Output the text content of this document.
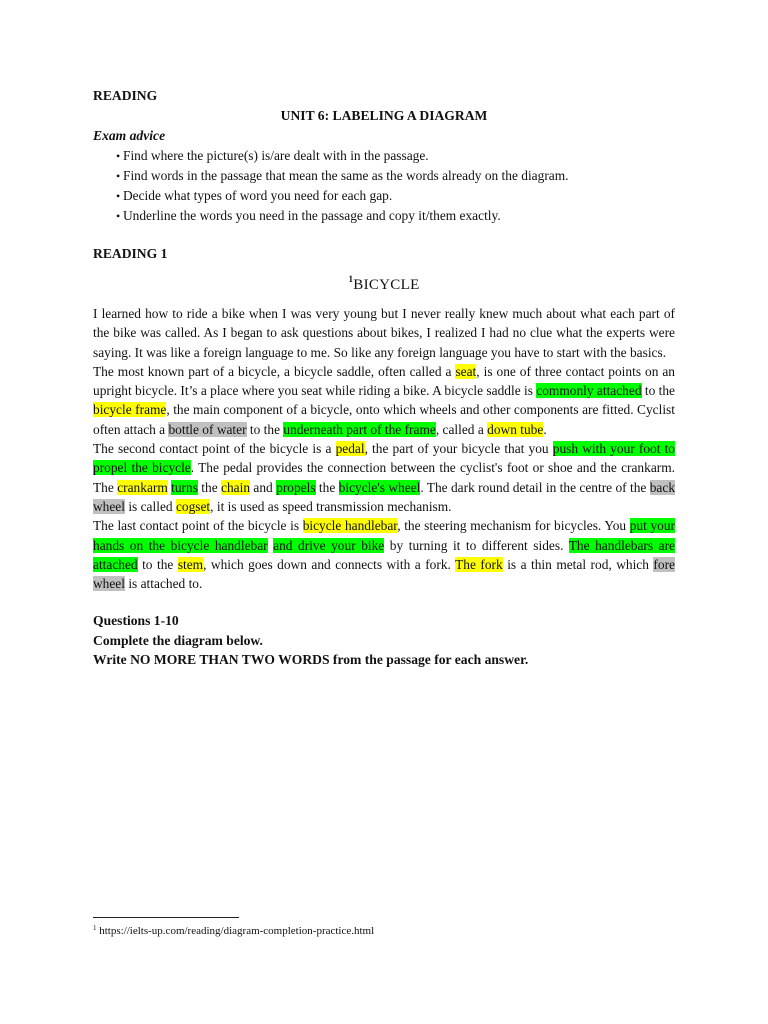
READING
UNIT 6: LABELING A DIAGRAM
Exam advice
• Find where the picture(s) is/are dealt with in the passage.
• Find words in the passage that mean the same as the words already on the diagram.
• Decide what types of word you need for each gap.
• Underline the words you need in the passage and copy it/them exactly.
READING 1
$^1$BICYCLE

I learned how to ride a bike when I was very young but I never really knew much about what each part of the bike was called. As I began to ask questions about bikes, I realized I had no clue what the experts were saying. It was like a foreign language to me. So like any foreign language you have to start with the basics.

The most known part of a bicycle, a bicycle saddle, often called a seat, is one of three contact points on an upright bicycle. It’s a place where you seat while riding a bike. A bicycle saddle is commonly attached to the bicycle frame, the main component of a bicycle, onto which wheels and other components are fitted. Cyclist often attach a bottle of water to the underneath part of the frame, called a down tube.

The second contact point of the bicycle is a pedal, the part of your bicycle that you push with your foot to propel the bicycle. The pedal provides the connection between the cyclist's foot or shoe and the crankarm. The crankarm turns the chain and propels the bicycle's wheel. The dark round detail in the centre of the back wheel is called cogset, it is used as speed transmission mechanism.

The last contact point of the bicycle is bicycle handlebar, the steering mechanism for bicycles. You put your hands on the bicycle handlebar and drive your bike by turning it to different sides. The handlebars are attached to the stem, which goes down and connects with a fork. The fork is a thin metal rod, which fore wheel is attached to.

Questions 1-10
Complete the diagram below.
Write NO MORE THAN TWO WORDS from the passage for each answer.
$^1$ https://ielts-up.com/reading/diagram-completion-practice.html
